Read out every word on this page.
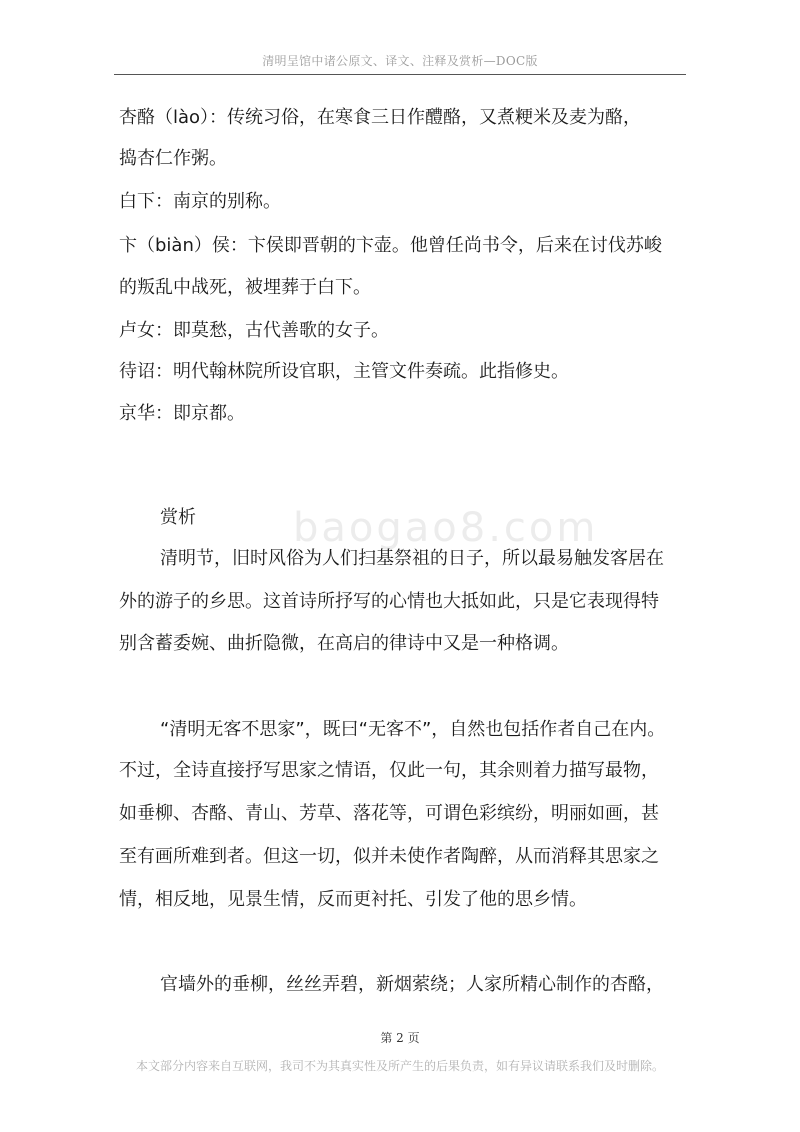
清明呈馆中诸公原文、译文、注释及赏析—DOC版
baogao8.com
杏酪（lào）：传统习俗，在寒食三日作醴酪，又煮粳米及麦为酪，
捣杏仁作粥。
白下：南京的别称。
卞（biàn）侯：卞侯即晋朝的卞壶。他曾任尚书令，后来在讨伐苏峻
的叛乱中战死，被埋葬于白下。
卢女：即莫愁，古代善歌的女子。
待诏：明代翰林院所设官职，主管文件奏疏。此指修史。
京华：即京都。
赏析
清明节，旧时风俗为人们扫基祭祖的日子，所以最易触发客居在
外的游子的乡思。这首诗所抒写的心情也大抵如此，只是它表现得特
别含蓄委婉、曲折隐微，在高启的律诗中又是一种格调。
“清明无客不思家”，既曰“无客不”，自然也包括作者自己在内。
不过，全诗直接抒写思家之情语，仅此一句，其余则着力描写最物，
如垂柳、杏酪、青山、芳草、落花等，可谓色彩缤纷，明丽如画，甚
至有画所难到者。但这一切，似并未使作者陶醉，从而消释其思家之
情，相反地，见景生情，反而更衬托、引发了他的思乡情。
官墙外的垂柳，丝丝弄碧，新烟萦绕；人家所精心制作的杏酪，
第 2 页
本文部分内容来自互联网，我司不为其真实性及所产生的后果负责，如有异议请联系我们及时删除。
